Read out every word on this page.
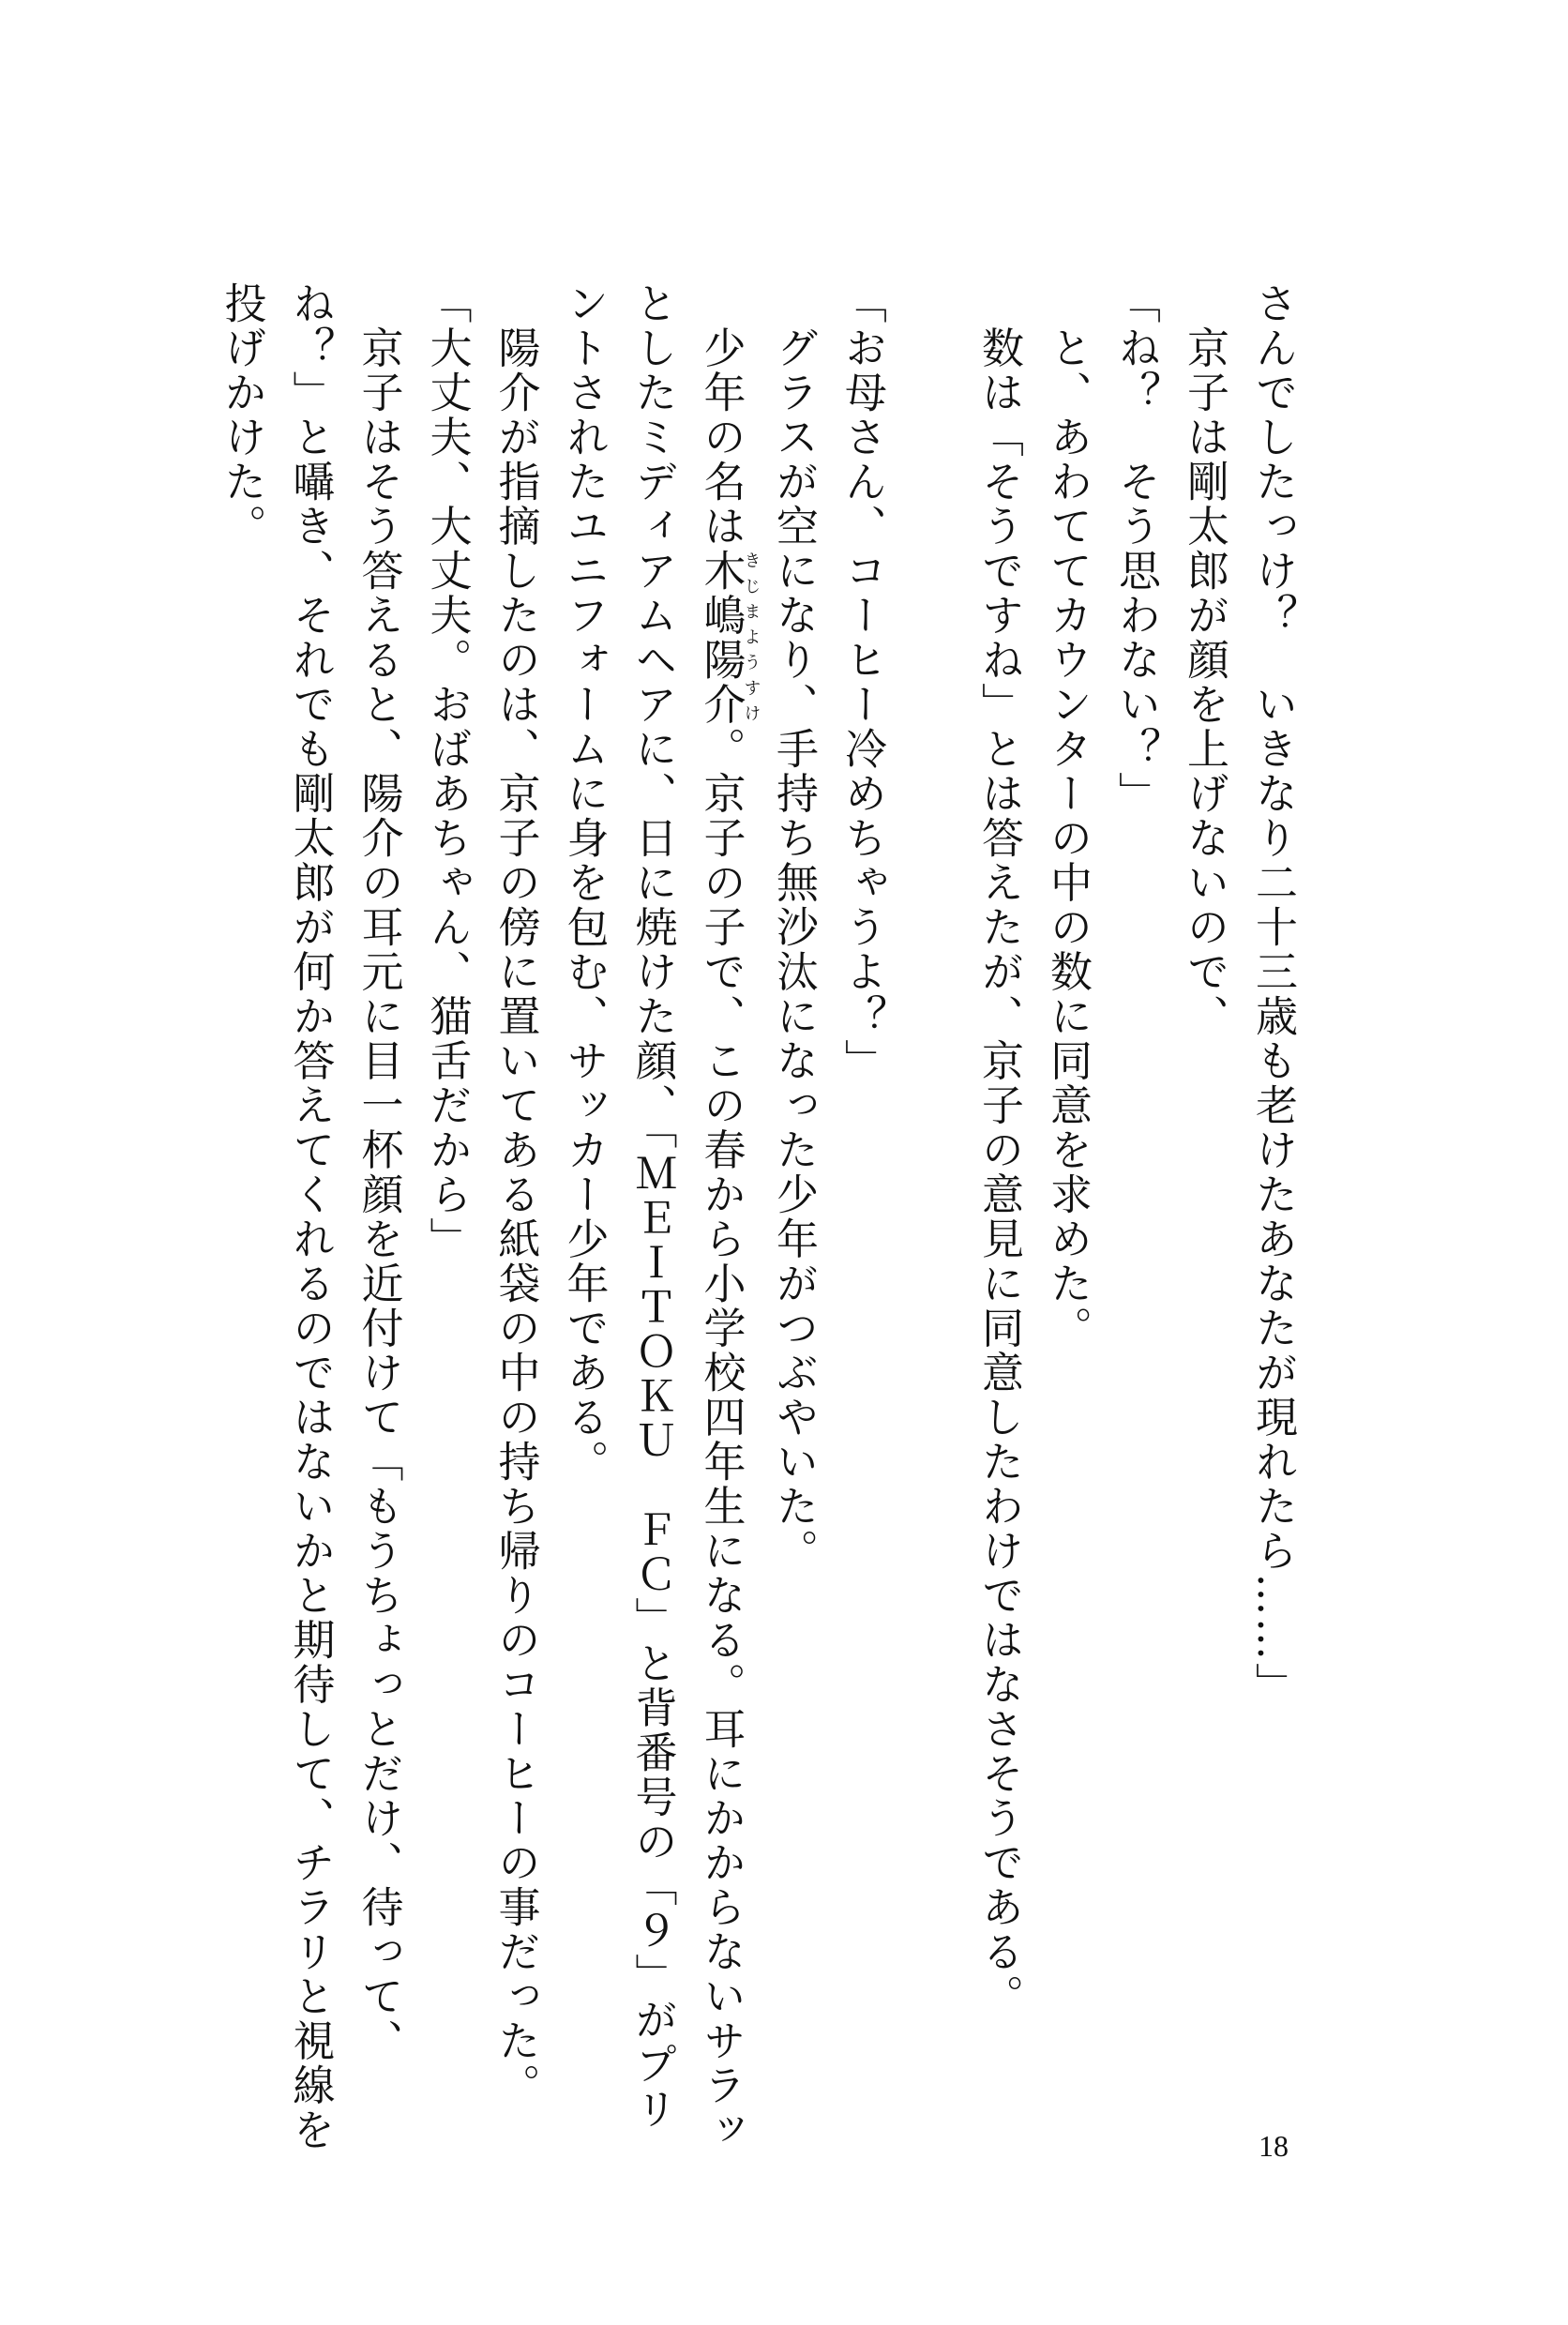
さんでしたっけ？　いきなり二十三歳も老けたあなたが現れたら……」
　京子は剛太郎が顔を上げないので、
「ね？　そう思わない？」
　と、あわててカウンターの中の数に同意を求めた。
　数は「そうですね」とは答えたが、京子の意見に同意したわけではなさそうである。
「お母さん、コーヒー冷めちゃうよ？」
　グラスが空になり、手持ち無沙汰になった少年がつぶやいた。
　少年の名は木嶋陽介きじまようすけ。京子の子で、この春から小学校四年生になる。耳にかからないサラッ
としたミディアムヘアに、日に焼けた顔、「ＭＥＩＴＯＫＵ　ＦＣ」と背番号の「９」がプリ
ントされたユニフォームに身を包む、サッカー少年である。
　陽介が指摘したのは、京子の傍に置いてある紙袋の中の持ち帰りのコーヒーの事だった。
「大丈夫、大丈夫。おばあちゃん、猫舌だから」
　京子はそう答えると、陽介の耳元に目一杯顔を近付けて「もうちょっとだけ、待って、
ね？」と囁き、それでも剛太郎が何か答えてくれるのではないかと期待して、チラリと視線を
投げかけた。
18
